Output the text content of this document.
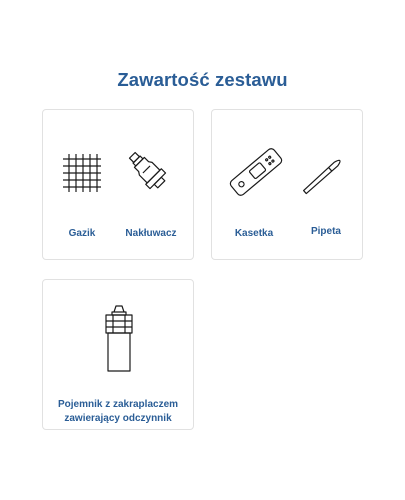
Zawartość zestawu
Gazik	Nakłuwacz	Kasetka	Pipeta
Pojemnik z zakraplaczem
zawierający odczynnik
